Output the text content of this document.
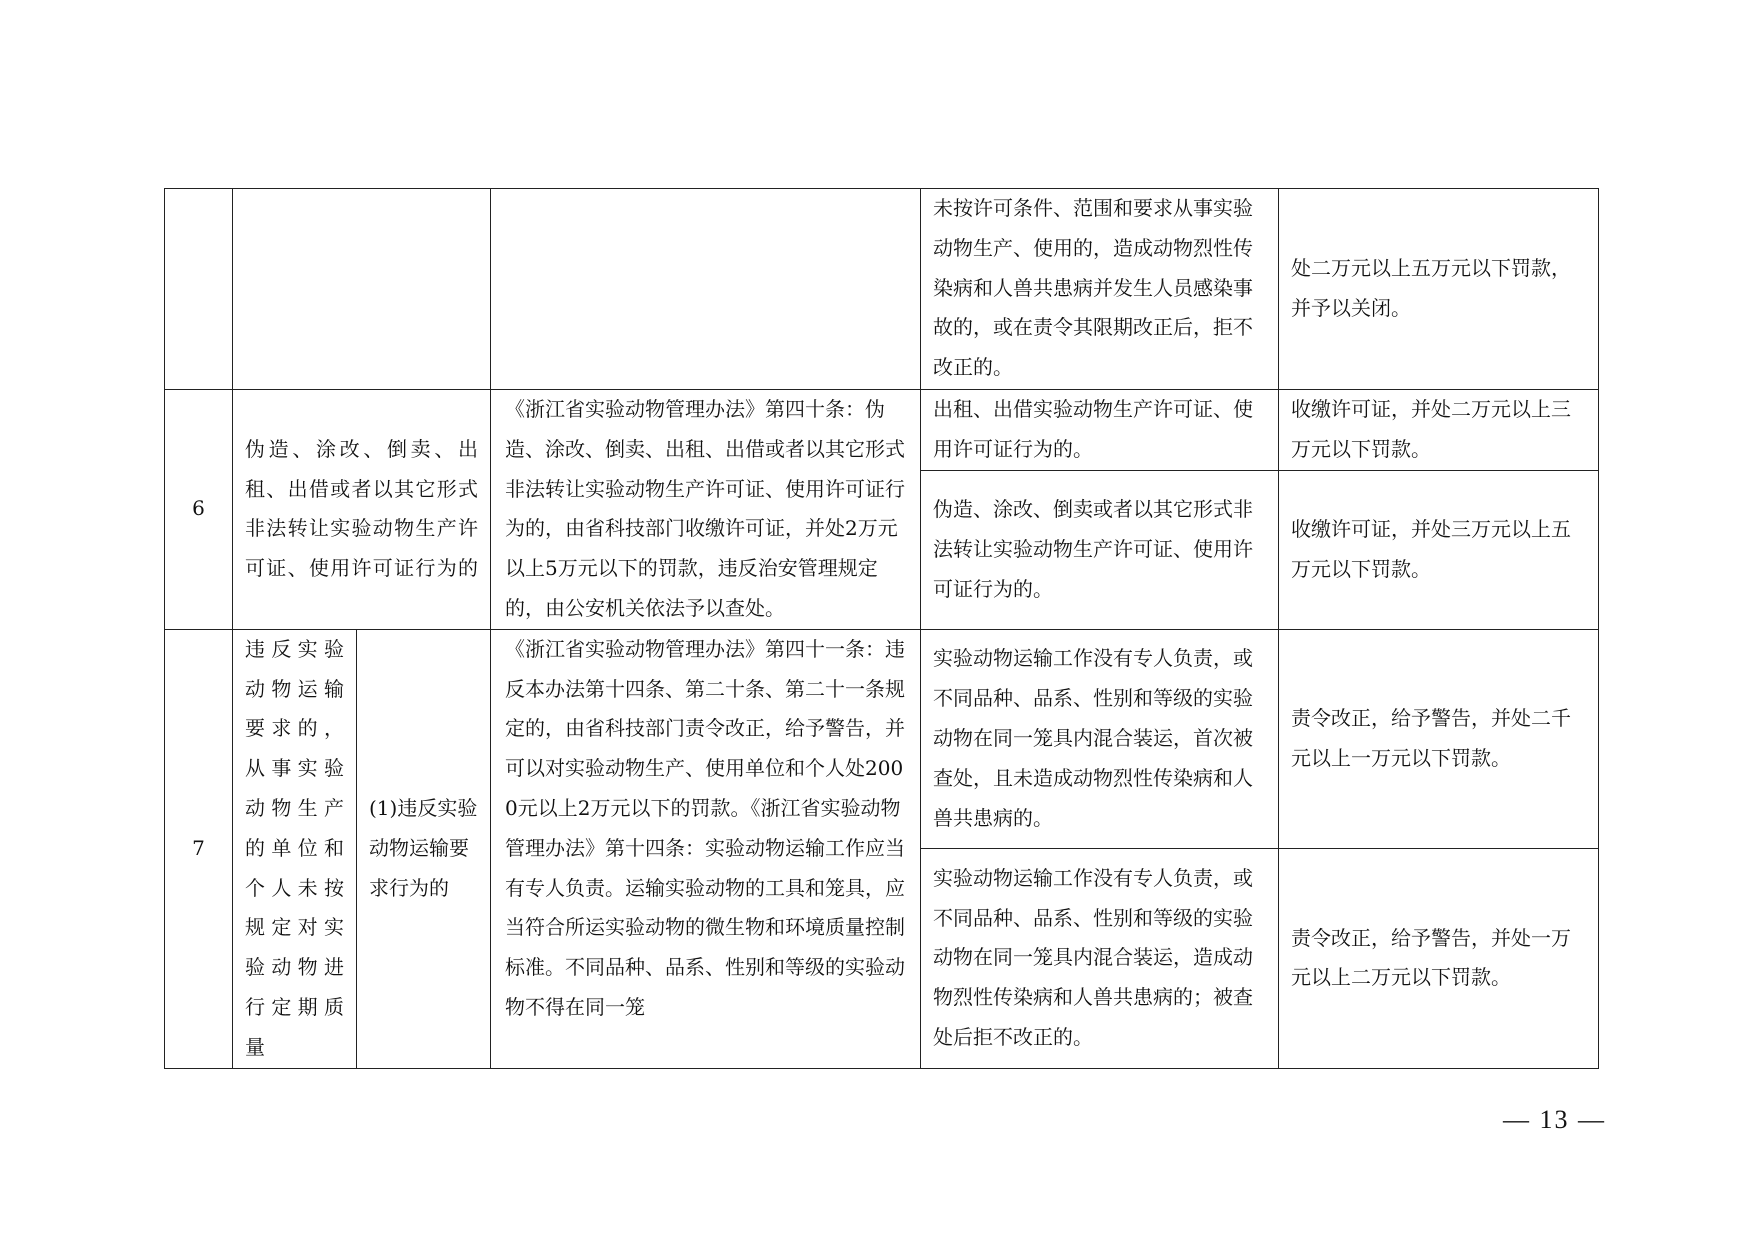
				未按许可条件、范围和要求从事实验动物生产、使用的，造成动物烈性传染病和人兽共患病并发生人员感染事故的，或在责令其限期改正后，拒不改正的。	处二万元以上五万元以下罚款，并予以关闭。
6	伪造、涂改、倒卖、出租、出借或者以其它形式非法转让实验动物生产许可证、使用许可证行为的		《浙江省实验动物管理办法》第四十条：伪造、涂改、倒卖、出租、出借或者以其它形式非法转让实验动物生产许可证、使用许可证行为的，由省科技部门收缴许可证，并处2万元以上5万元以下的罚款，违反治安管理规定的，由公安机关依法予以查处。	出租、出借实验动物生产许可证、使用许可证行为的。	收缴许可证，并处二万元以上三万元以下罚款。
				伪造、涂改、倒卖或者以其它形式非法转让实验动物生产许可证、使用许可证行为的。	收缴许可证，并处三万元以上五万元以下罚款。
7	违反实验动物运输要求的，从事实验动物生产的单位和个人未按规定对实验动物进行定期质量	(1)违反实验动物运输要求行为的	《浙江省实验动物管理办法》第四十一条：违反本办法第十四条、第二十条、第二十一条规定的，由省科技部门责令改正，给予警告，并可以对实验动物生产、使用单位和个人处2000元以上2万元以下的罚款。《浙江省实验动物管理办法》第十四条：实验动物运输工作应当有专人负责。运输实验动物的工具和笼具，应当符合所运实验动物的微生物和环境质量控制标准。不同品种、品系、性别和等级的实验动物不得在同一笼	实验动物运输工作没有专人负责，或不同品种、品系、性别和等级的实验动物在同一笼具内混合装运，首次被查处，且未造成动物烈性传染病和人兽共患病的。	责令改正，给予警告，并处二千元以上一万元以下罚款。
				实验动物运输工作没有专人负责，或不同品种、品系、性别和等级的实验动物在同一笼具内混合装运，造成动物烈性传染病和人兽共患病的；被查处后拒不改正的。	责令改正，给予警告，并处一万元以上二万元以下罚款。
— 13 —
